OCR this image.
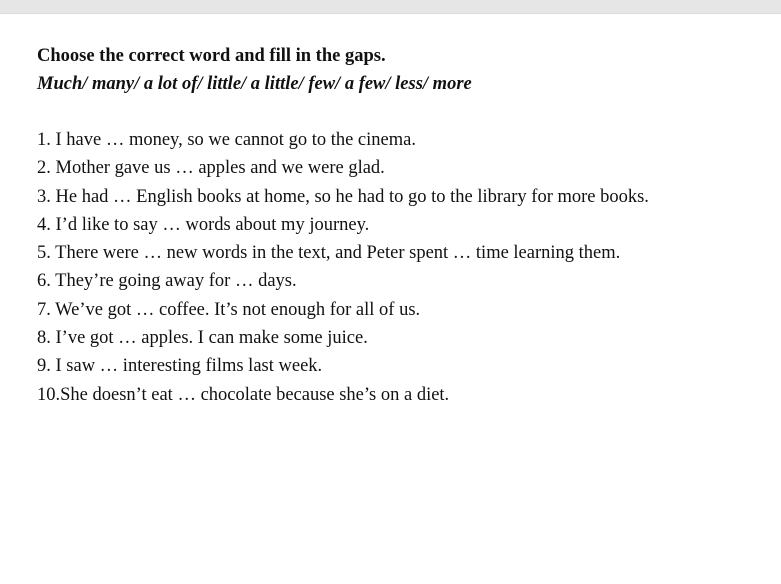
Choose the correct word and fill in the gaps.
Much/ many/ a lot of/ little/ a little/ few/ a few/ less/ more
1. I have … money, so we cannot go to the cinema.
2. Mother gave us … apples and we were glad.
3. He had … English books at home, so he had to go to the library for more books.
4. I’d like to say … words about my journey.
5. There were … new words in the text, and Peter spent … time learning them.
6. They’re going away for … days.
7. We’ve got … coffee. It’s not enough for all of us.
8. I’ve got … apples. I can make some juice.
9. I saw … interesting films last week.
10.She doesn’t eat … chocolate because she’s on a diet.
